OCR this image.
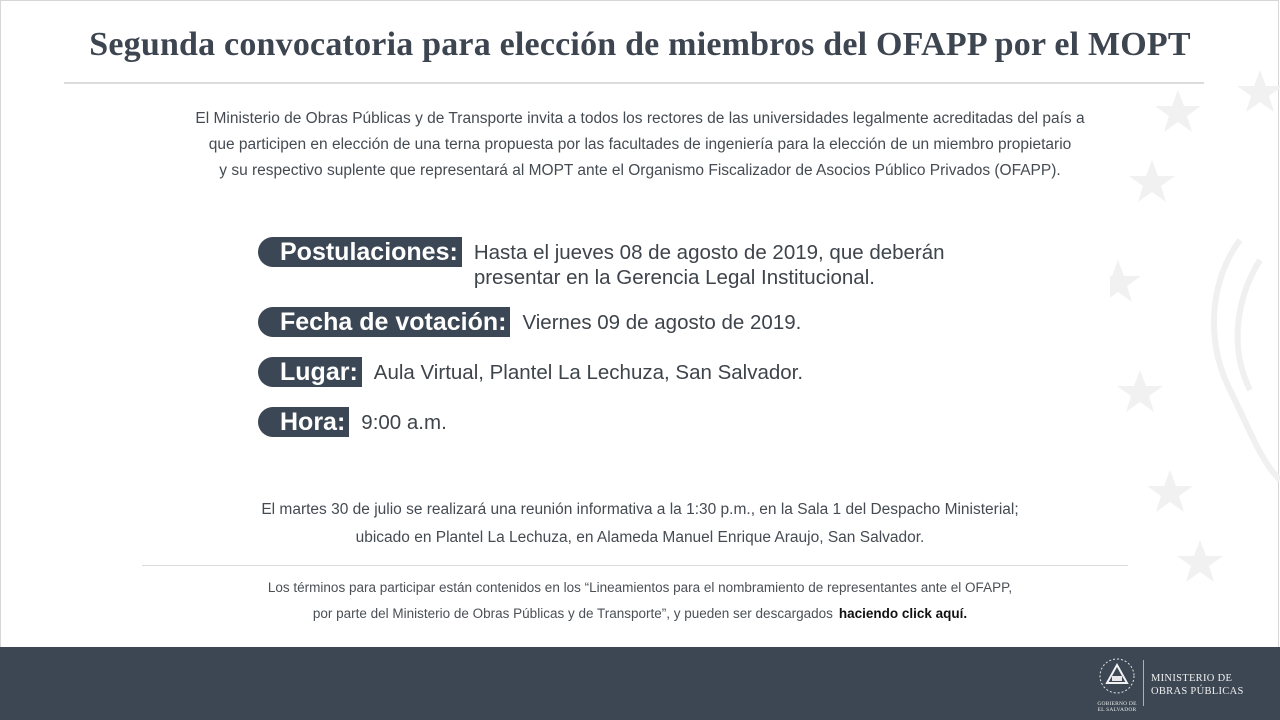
Segunda convocatoria para elección de miembros del OFAPP por el MOPT
El Ministerio de Obras Públicas y de Transporte invita a todos los rectores de las universidades legalmente acreditadas del país a
que participen en elección de una terna propuesta por las facultades de ingeniería para la elección de un miembro propietario
y su respectivo suplente que representará al MOPT ante el Organismo Fiscalizador de Asocios Público Privados (OFAPP).
Postulaciones: Hasta el jueves 08 de agosto de 2019, que deberán
presentar en la Gerencia Legal Institucional.
Fecha de votación: Viernes 09 de agosto de 2019.
Lugar: Aula Virtual, Plantel La Lechuza, San Salvador.
Hora: 9:00 a.m.
El martes 30 de julio se realizará una reunión informativa a la 1:30 p.m., en la Sala 1 del Despacho Ministerial;
ubicado en Plantel La Lechuza, en Alameda Manuel Enrique Araujo, San Salvador.
Los términos para participar están contenidos en los “Lineamientos para el nombramiento de representantes ante el OFAPP,
por parte del Ministerio de Obras Públicas y de Transporte”, y pueden ser descargados haciendo click aquí.
GOBIERNO DE
EL SALVADOR
MINISTERIO DE
OBRAS PÚBLICAS
